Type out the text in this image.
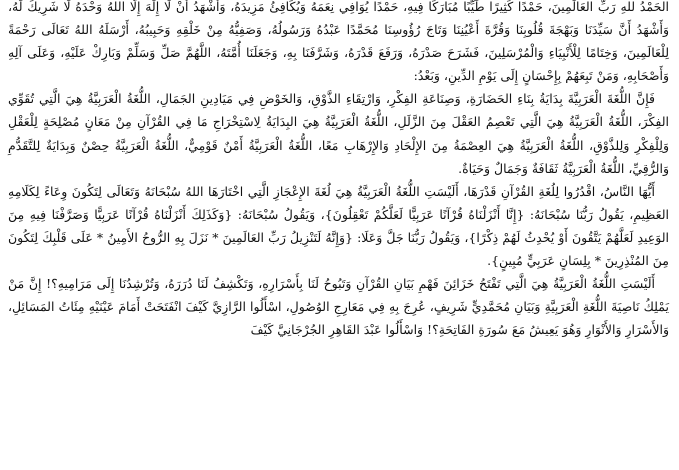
الحَمْدُ للهِ رَبِّ العَالَمِينَ، حَمْدًا كَثِيرًا طَيِّبًا مُبَارَكًا فِيهِ، حَمْدًا يُوَافِي نِعَمَهُ وَيُكَافِئُ مَزِيدَهُ، وَأَشْهَدُ أَنْ لَا إِلَهَ إِلَّا اللهُ وَحْدَهُ لَا شَرِيكَ لَهُ، وَأَشْهَدُ أَنَّ سَيِّدَنَا وَبَهْجَةَ قُلُوبِنَا وَقُرَّةَ أَعْيُنِنَا وَتَاجَ رُؤُوسِنَا مُحَمَّدًا عَبْدُهُ وَرَسُولُهُ، وَصَفِيُّهُ مِنْ خَلْقِهِ وَحَبِيبُهُ، أَرْسَلَهُ اللهُ تَعَالَى رَحْمَةً لِلْعَالَمِينَ، وَخِتَامًا لِلْأَنْبِيَاءِ وَالْمُرْسَلِينَ، فَشَرَحَ صَدْرَهُ، وَرَفَعَ قَدْرَهُ، وَشَرَّفَنَا بِهِ، وَجَعَلَنَا أُمَّتَهُ، اللَّهُمَّ صَلِّ وَسَلِّمْ وَبَارِكْ عَلَيْهِ، وَعَلَى آلِهِ وَأَصْحَابِهِ، وَمَنْ تَبِعَهُمْ بِإِحْسَانٍ إِلَى يَوْمِ الدِّينِ، وَبَعْدُ:

فَإِنَّ اللُّغَةَ الْعَرَبِيَّةَ بِدَايَةُ بِنَاءِ الحَضَارَةِ، وَصِنَاعَةِ الفِكْرِ، وَارْتِقَاءِ الذَّوْقِ، وَالخَوْضِ فِي مَيَادِينِ الجَمَالِ، اللُّغَةُ الْعَرَبِيَّةُ هِيَ الَّتِي تُقَوِّي الفِكْرَ، اللُّغَةُ الْعَرَبِيَّةُ هِيَ الَّتِي تَعْصِمُ العَقْلَ مِنَ الزَّلَلِ، اللُّغَةُ الْعَرَبِيَّةُ هِيَ البِدَايَةُ لِاسْتِخْرَاجِ مَا فِي القُرْآنِ مِنْ مَعَانٍ مُصْلِحَةٍ لِلْعَقْلِ وَلِلْفِكْرِ وَلِلذَّوْقِ، اللُّغَةُ الْعَرَبِيَّةُ هِيَ العِصْمَةُ مِنَ الإِلْحَادِ وَالإِرْهَابِ مَعًا، اللُّغَةُ الْعَرَبِيَّةُ أَمْنٌ قَوْمِيٌّ، اللُّغَةُ الْعَرَبِيَّةُ حِصْنٌ وَبِدَايَةٌ لِلتَّقَدُّمِ وَالرُّقِيِّ، اللُّغَةُ الْعَرَبِيَّةُ ثَقَافَةٌ وَجَمَالٌ وَحَيَاةٌ.

أَيُّهَا النَّاسُ، اقْدُرُوا لِلُغَةِ القُرْآنِ قَدْرَهَا، أَلَيْسَتِ اللُّغَةُ الْعَرَبِيَّةُ هِيَ لُغَةَ الإِعْجَازِ الَّتِي اخْتَارَهَا اللهُ سُبْحَانَهُ وَتَعَالَى لِتَكُونَ وِعَاءً لِكَلَامِهِ العَظِيمِ، يَقُولُ رَبُّنَا سُبْحَانَهُ: {إِنَّا أَنْزَلْنَاهُ قُرْآنًا عَرَبِيًّا لَعَلَّكُمْ تَعْقِلُونَ}، وَيَقُولُ سُبْحَانَهُ: {وَكَذَلِكَ أَنْزَلْنَاهُ قُرْآنًا عَرَبِيًّا وَصَرَّفْنَا فِيهِ مِنَ الوَعِيدِ لَعَلَّهُمْ يَتَّقُونَ أَوْ يُحْدِثُ لَهُمْ ذِكْرًا}، وَيَقُولُ رَبُّنَا جَلَّ وَعَلَا: {وَإِنَّهُ لَتَنْزِيلُ رَبِّ العَالَمِينَ * نَزَلَ بِهِ الرُّوحُ الأَمِينُ * عَلَى قَلْبِكَ لِتَكُونَ مِنَ المُنْذِرِينَ * بِلِسَانٍ عَرَبِيٍّ مُبِينٍ}.

أَلَيْسَتِ اللُّغَةُ الْعَرَبِيَّةُ هِيَ الَّتِي تَفْتَحُ خَزَائِنَ فَهْمِ بَيَانِ القُرْآنِ وَتَبُوحُ لَنَا بِأَسْرَارِهِ، وَتَكْشِفُ لَنَا دُرَرَهُ، وَتُرْشِدُنَا إِلَى مَرَامِيهِ؟! إِنَّ مَنْ يَمْلِكُ نَاصِيَةَ اللُّغَةِ الْعَرَبِيَّةِ وَبَيَانِ مُحَمَّدِيٍّ شَرِيفٍ، عُرِجَ بِهِ فِي مَعَارِجِ الوُصُولِ، اسْأَلُوا الرَّازِيَّ كَيْفَ انْفَتَحَتْ أَمَامَ عَيْنَيْهِ مِئَاتُ المَسَائِلِ، وَالأَسْرَارِ وَالأَنْوَارِ وَهُوَ يَعِيشُ مَعَ سُورَةِ الفَاتِحَةِ؟! وَاسْأَلُوا عَبْدَ القَاهِرِ الجُرْجَانِيَّ كَيْفَ
